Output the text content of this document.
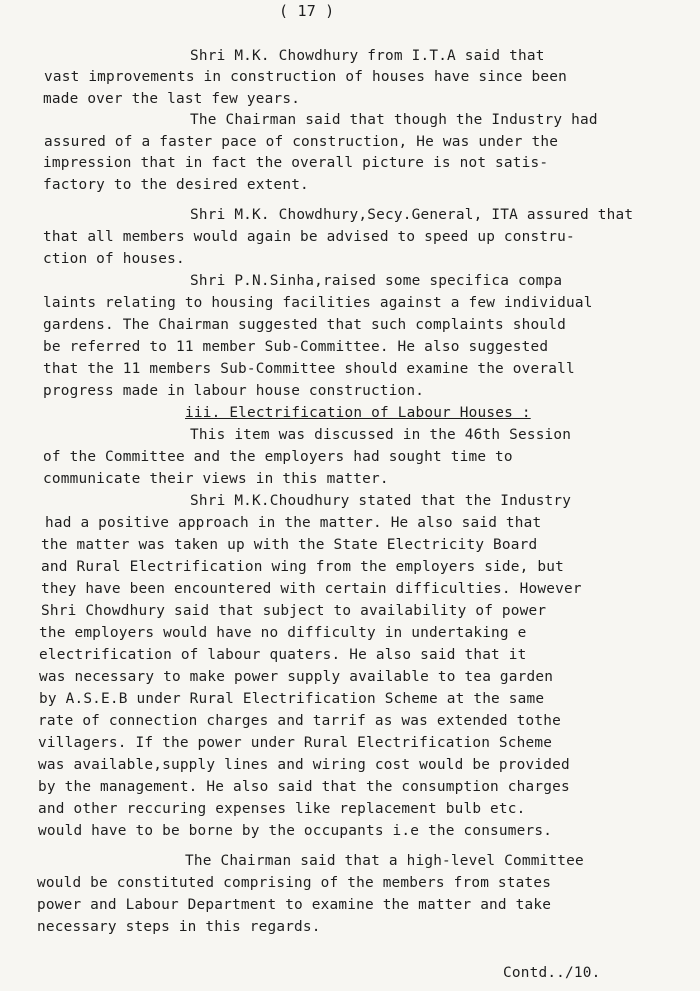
( 17 )
Shri M.K. Chowdhury from I.T.A said that
vast improvements in construction of houses have since been
made over the last few years.
The Chairman said that though the Industry had
assured of a faster pace of construction, He was under the
impression that in fact the overall picture is not satis-
factory to the desired extent.
Shri M.K. Chowdhury,Secy.General, ITA assured that
that all members would again be advised to speed up constru-
ction of houses.
Shri P.N.Sinha,raised some specifica compa
laints relating to housing facilities against a few individual
gardens. The Chairman suggested that such complaints should
be referred to 11 member Sub-Committee. He also suggested
that the 11 members Sub-Committee should examine the overall
progress made in labour house construction.
iii. Electrification of Labour Houses :
This item was discussed in the 46th Session
of the Committee and the employers had sought time to
communicate their views in this matter.
Shri M.K.Choudhury stated that the Industry
had a positive approach in the matter. He also said that
the matter was taken up with the State Electricity Board
and Rural Electrification wing from the employers side, but
they have been encountered with certain difficulties. However
Shri Chowdhury said that subject to availability of power
the employers would have no difficulty in undertaking e
electrification of labour quaters. He also said that it
was necessary to make power supply available to tea garden
by A.S.E.B under Rural Electrification Scheme at the same
rate of connection charges and tarrif as was extended tothe
villagers. If the power under Rural Electrification Scheme
was available,supply lines and wiring cost would be provided
by the management. He also said that the consumption charges
and other reccuring expenses like replacement bulb etc.
would have to be borne by the occupants i.e the consumers.
The Chairman said that a high-level Committee
would be constituted comprising of the members from states
power and Labour Department to examine the matter and take
necessary steps in this regards.
Contd../10.
